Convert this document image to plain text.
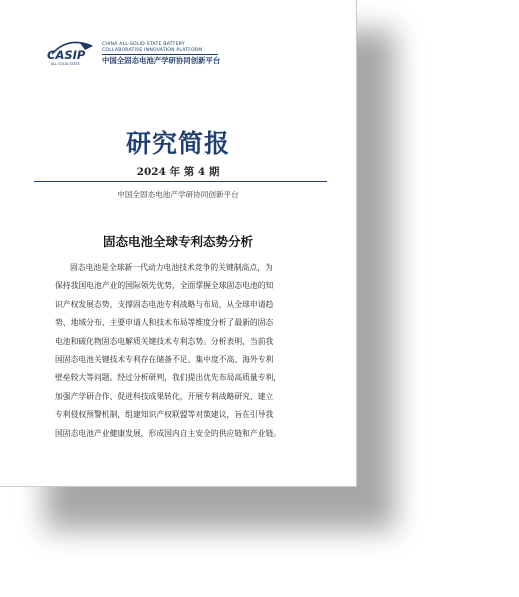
CASIP
ALL SOLID STATE
CHINA ALL-SOLID-STATE BATTERY
COLLABORATIVE INNOVATION PLATFORM
中国全固态电池产学研协同创新平台
研究简报
2024 年 第 4 期
中国全固态电池产学研协同创新平台
固态电池全球专利态势分析
固态电池是全球新一代动力电池技术竞争的关键制高点，为
保持我国电池产业的国际领先优势，全面掌握全球固态电池的知
识产权发展态势，支撑固态电池专利战略与布局，从全球申请趋
势、地域分布、主要申请人和技术布局等维度分析了最新的固态
电池和硫化物固态电解质关键技术专利态势。分析表明，当前我
国固态电池关键技术专利存在储备不足、集中度不高、海外专利
壁垒较大等问题。经过分析研判，我们提出优先布局高质量专利，
加强产学研合作、促进科技成果转化，开展专利战略研究、建立
专利侵权预警机制，组建知识产权联盟等对策建议，旨在引导我
国固态电池产业健康发展，形成国内自主安全的供应链和产业链。
